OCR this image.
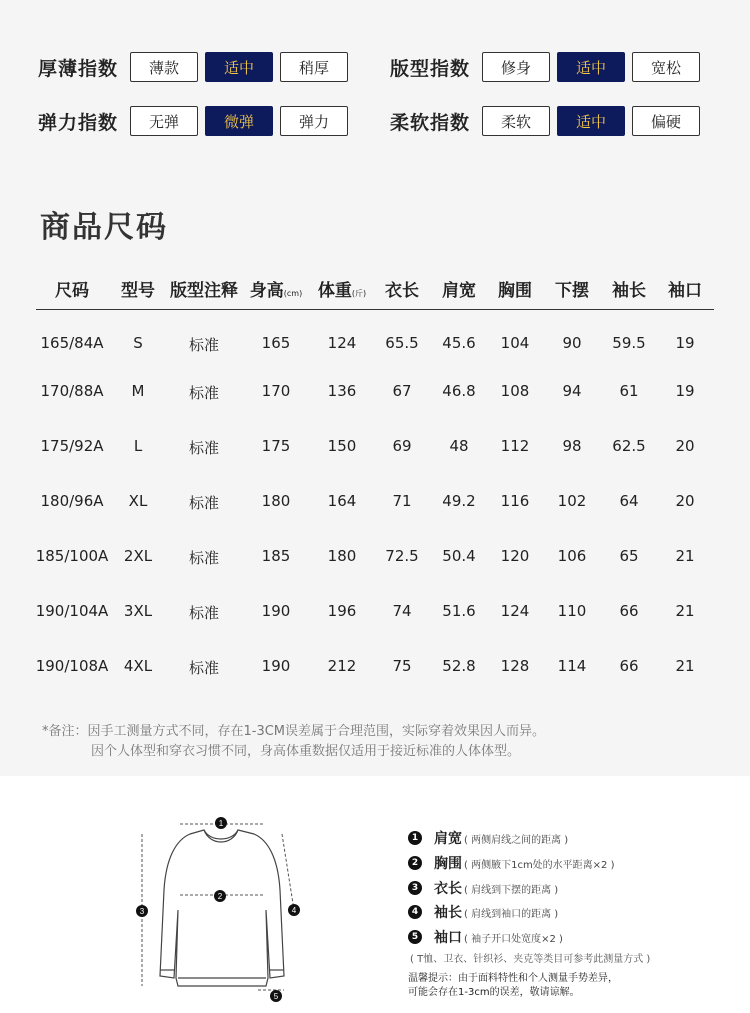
厚薄指数	薄款	适中	稍厚	版型指数	修身	适中	宽松
弹力指数	无弹	微弹	弹力	柔软指数	柔软	适中	偏硬
商品尺码
尺码 型号 版型注释 身高(cm) 体重(斤) 衣长 肩宽 胸围 下摆 袖长 袖口
165/84A S	标准	165 124 65.5 45.6 104 90 59.5 19
170/88A M	标准	170 136 67 46.8 108 94	61 19
175/92A L	标准	175 150 69	48 112 98 62.5 20
180/96A XL	标准	180 164 71 49.2 116 102 64 20
185/100A 2XL 标准	185 180 72.5 50.4 120 106 65 21
190/104A 3XL 标准	190 196 74 51.6 124 110 66 21
190/108A 4XL 标准	190 212 75 52.8 128 114 66 21
*备注：因手工测量方式不同，存在1-3CM误差属于合理范围，实际穿着效果因人而异。
因个人体型和穿衣习惯不同，身高体重数据仅适用于接近标准的人体体型。
1
2
3	4
5
1 肩宽 ( 两侧肩线之间的距离 )
2 胸围 ( 两侧腋下1cm处的水平距离×2 )
3 衣长 ( 肩线到下摆的距离 )
4 袖长 ( 肩线到袖口的距离 )
5 袖口 ( 袖子开口处宽度×2 )
( T恤、卫衣、针织衫、夹克等类目可参考此测量方式 )
温馨提示：由于面料特性和个人测量手势差异，
可能会存在1-3cm的误差，敬请谅解。
